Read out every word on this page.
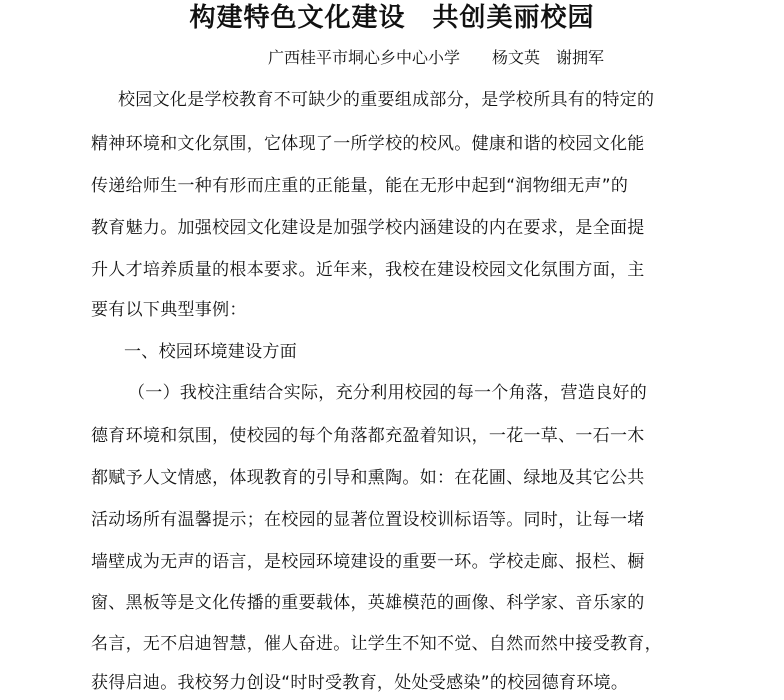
构建特色文化建设　共创美丽校园
广西桂平市垌心乡中心小学　　杨文英　谢拥军
校园文化是学校教育不可缺少的重要组成部分，是学校所具有的特定的
精神环境和文化氛围，它体现了一所学校的校风。健康和谐的校园文化能
传递给师生一种有形而庄重的正能量，能在无形中起到“润物细无声”的
教育魅力。加强校园文化建设是加强学校内涵建设的内在要求，是全面提
升人才培养质量的根本要求。近年来，我校在建设校园文化氛围方面，主
要有以下典型事例：
一、校园环境建设方面
（一）我校注重结合实际，充分利用校园的每一个角落，营造良好的
德育环境和氛围，使校园的每个角落都充盈着知识，一花一草、一石一木
都赋予人文情感，体现教育的引导和熏陶。如：在花圃、绿地及其它公共
活动场所有温馨提示；在校园的显著位置设校训标语等。同时，让每一堵
墙壁成为无声的语言，是校园环境建设的重要一环。学校走廊、报栏、橱
窗、黑板等是文化传播的重要载体，英雄模范的画像、科学家、音乐家的
名言，无不启迪智慧，催人奋进。让学生不知不觉、自然而然中接受教育，
获得启迪。我校努力创设“时时受教育，处处受感染”的校园德育环境。
